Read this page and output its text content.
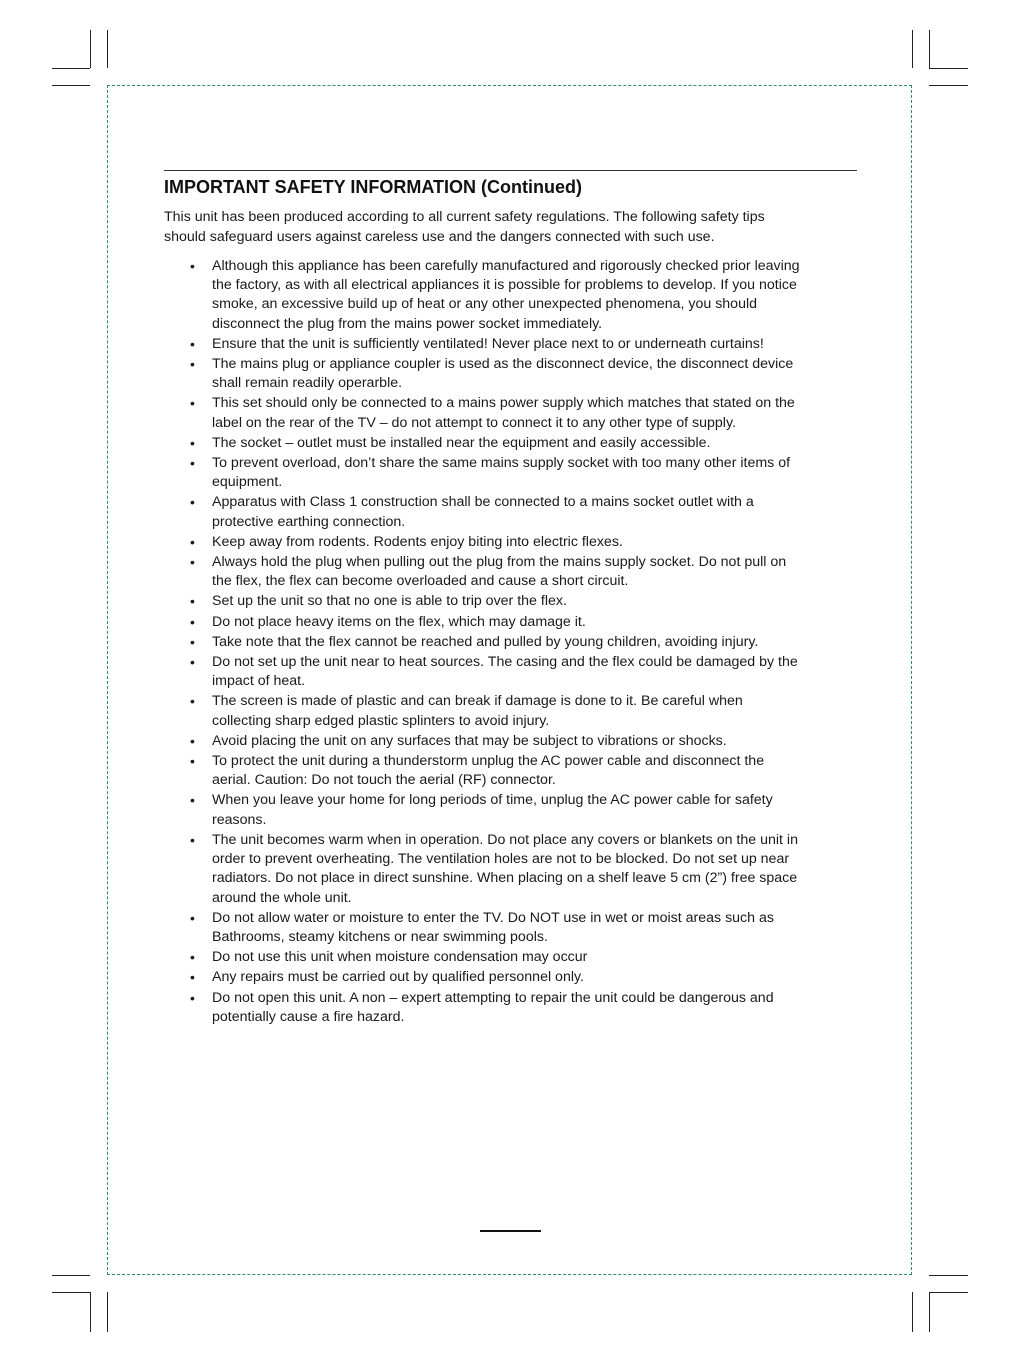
IMPORTANT SAFETY INFORMATION (Continued)

This unit has been produced according to all current safety regulations. The following safety tips should safeguard users against careless use and the dangers connected with such use.

• Although this appliance has been carefully manufactured and rigorously checked prior leaving the factory, as with all electrical appliances it is possible for problems to develop. If you notice smoke, an excessive build up of heat or any other unexpected phenomena, you should disconnect the plug from the mains power socket immediately.
• Ensure that the unit is sufficiently ventilated! Never place next to or underneath curtains!
• The mains plug or appliance coupler is used as the disconnect device, the disconnect device shall remain readily operarble.
• This set should only be connected to a mains power supply which matches that stated on the label on the rear of the TV – do not attempt to connect it to any other type of supply.
• The socket – outlet must be installed near the equipment and easily accessible.
• To prevent overload, don’t share the same mains supply socket with too many other items of equipment.
• Apparatus with Class 1 construction shall be connected to a mains socket outlet with a protective earthing connection.
• Keep away from rodents. Rodents enjoy biting into electric flexes.
• Always hold the plug when pulling out the plug from the mains supply socket. Do not pull on the flex, the flex can become overloaded and cause a short circuit.
• Set up the unit so that no one is able to trip over the flex.
• Do not place heavy items on the flex, which may damage it.
• Take note that the flex cannot be reached and pulled by young children, avoiding injury.
• Do not set up the unit near to heat sources. The casing and the flex could be damaged by the impact of heat.
• The screen is made of plastic and can break if damage is done to it. Be careful when collecting sharp edged plastic splinters to avoid injury.
• Avoid placing the unit on any surfaces that may be subject to vibrations or shocks.
• To protect the unit during a thunderstorm unplug the AC power cable and disconnect the aerial. Caution: Do not touch the aerial (RF) connector.
• When you leave your home for long periods of time, unplug the AC power cable for safety reasons.
• The unit becomes warm when in operation. Do not place any covers or blankets on the unit in order to prevent overheating. The ventilation holes are not to be blocked. Do not set up near radiators. Do not place in direct sunshine. When placing on a shelf leave 5 cm (2”) free space around the whole unit.
• Do not allow water or moisture to enter the TV. Do NOT use in wet or moist areas such as Bathrooms, steamy kitchens or near swimming pools.
• Do not use this unit when moisture condensation may occur
• Any repairs must be carried out by qualified personnel only.
• Do not open this unit. A non – expert attempting to repair the unit could be dangerous and potentially cause a fire hazard.
